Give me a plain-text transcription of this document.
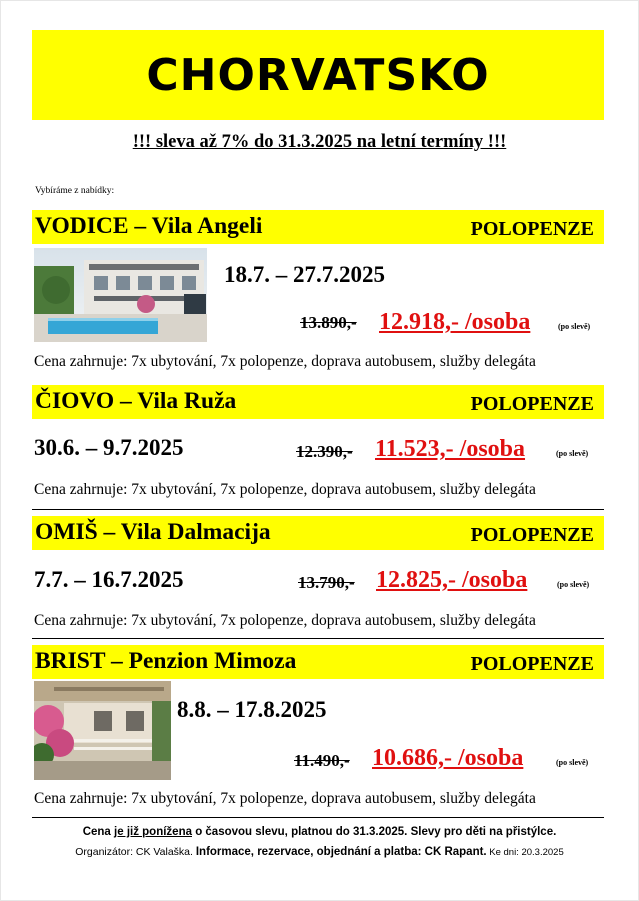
CHORVATSKO
!!! sleva až 7% do 31.3.2025 na letní termíny !!!
Vybíráme z nabídky:
VODICE – Vila Angeli	POLOPENZE
18.7. – 27.7.2025
13.890,- 12.918,- /osoba	(po slevě)
Cena zahrnuje: 7x ubytování, 7x polopenze, doprava autobusem, služby delegáta
ČIOVO – Vila Ruža	POLOPENZE
30.6. – 9.7.2025	12.390,- 11.523,- /osoba	(po slevě)
Cena zahrnuje: 7x ubytování, 7x polopenze, doprava autobusem, služby delegáta
OMIŠ – Vila Dalmacija	POLOPENZE
7.7. – 16.7.2025	13.790,- 12.825,- /osoba	(po slevě)
Cena zahrnuje: 7x ubytování, 7x polopenze, doprava autobusem, služby delegáta
BRIST – Penzion Mimoza	POLOPENZE
8.8. – 17.8.2025
11.490,- 10.686,- /osoba	(po slevě)
Cena zahrnuje: 7x ubytování, 7x polopenze, doprava autobusem, služby delegáta
Cena je již ponížena o časovou slevu, platnou do 31.3.2025. Slevy pro děti na přistýlce.
Organizátor: CK Valaška. Informace, rezervace, objednání a platba: CK Rapant. Ke dni: 20.3.2025
